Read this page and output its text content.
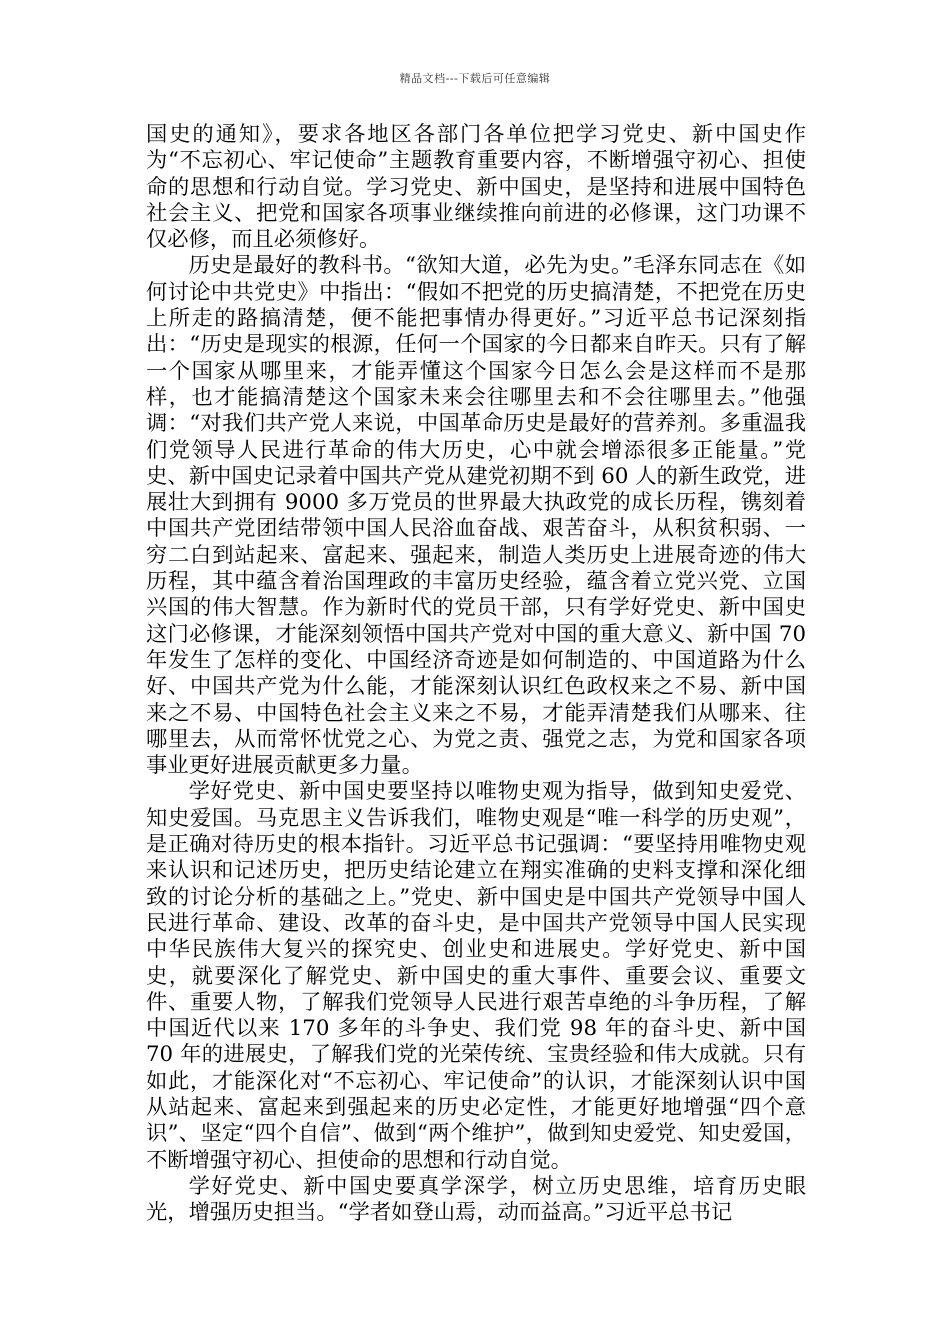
精品文档---下载后可任意编辑

国史的通知》，要求各地区各部门各单位把学习党史、新中国史作为“不忘初心、牢记使命”主题教育重要内容，不断增强守初心、担使命的思想和行动自觉。学习党史、新中国史，是坚持和进展中国特色社会主义、把党和国家各项事业继续推向前进的必修课，这门功课不仅必修，而且必须修好。

历史是最好的教科书。“欲知大道，必先为史。”毛泽东同志在《如何讨论中共党史》中指出：“假如不把党的历史搞清楚，不把党在历史上所走的路搞清楚，便不能把事情办得更好。”习近平总书记深刻指出：“历史是现实的根源，任何一个国家的今日都来自昨天。只有了解一个国家从哪里来，才能弄懂这个国家今日怎么会是这样而不是那样，也才能搞清楚这个国家未来会往哪里去和不会往哪里去。”他强调：“对我们共产党人来说，中国革命历史是最好的营养剂。多重温我们党领导人民进行革命的伟大历史，心中就会增添很多正能量。”党史、新中国史记录着中国共产党从建党初期不到 60 人的新生政党，进展壮大到拥有 9000 多万党员的世界最大执政党的成长历程，镌刻着中国共产党团结带领中国人民浴血奋战、艰苦奋斗，从积贫积弱、一穷二白到站起来、富起来、强起来，制造人类历史上进展奇迹的伟大历程，其中蕴含着治国理政的丰富历史经验，蕴含着立党兴党、立国兴国的伟大智慧。作为新时代的党员干部，只有学好党史、新中国史这门必修课，才能深刻领悟中国共产党对中国的重大意义、新中国 70 年发生了怎样的变化、中国经济奇迹是如何制造的、中国道路为什么好、中国共产党为什么能，才能深刻认识红色政权来之不易、新中国来之不易、中国特色社会主义来之不易，才能弄清楚我们从哪来、往哪里去，从而常怀忧党之心、为党之责、强党之志，为党和国家各项事业更好进展贡献更多力量。

学好党史、新中国史要坚持以唯物史观为指导，做到知史爱党、知史爱国。马克思主义告诉我们，唯物史观是“唯一科学的历史观”，是正确对待历史的根本指针。习近平总书记强调：“要坚持用唯物史观来认识和记述历史，把历史结论建立在翔实准确的史料支撑和深化细致的讨论分析的基础之上。”党史、新中国史是中国共产党领导中国人民进行革命、建设、改革的奋斗史，是中国共产党领导中国人民实现中华民族伟大复兴的探究史、创业史和进展史。学好党史、新中国史，就要深化了解党史、新中国史的重大事件、重要会议、重要文件、重要人物，了解我们党领导人民进行艰苦卓绝的斗争历程，了解中国近代以来 170 多年的斗争史、我们党 98 年的奋斗史、新中国 70 年的进展史，了解我们党的光荣传统、宝贵经验和伟大成就。只有如此，才能深化对“不忘初心、牢记使命”的认识，才能深刻认识中国从站起来、富起来到强起来的历史必定性，才能更好地增强“四个意识”、坚定“四个自信”、做到“两个维护”，做到知史爱党、知史爱国，不断增强守初心、担使命的思想和行动自觉。

学好党史、新中国史要真学深学，树立历史思维，培育历史眼光，增强历史担当。“学者如登山焉，动而益高。”习近平总书记
